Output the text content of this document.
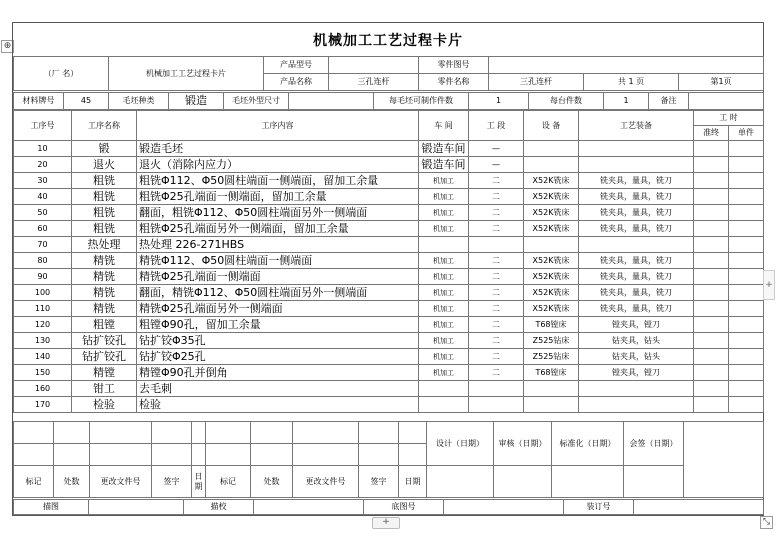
⊕	机械加工工艺过程卡片
（厂 名）	机械加工工艺过程卡片	产品型号		零件图号			
		产品名称	三孔连杆	零件名称	三孔连杆	共 1 页	第1页
材料牌号	45	毛坯种类	锻造	毛坯外型尺寸		每毛坯可制作件数	1	每台件数	1	备注	
工序号	工序名称	工序内容	车 间	工 段	设 备	工艺装备	工 时	
							准终	单件
10	锻	锻造毛坯	锻造车间	—				
20	退火	退火（消除内应力）	锻造车间	—				
30	粗铣	粗铣Φ112、Φ50圆柱端面一侧端面，留加工余量	机加工	二	X52K铣床	铣夹具，量具，铣刀		
40	粗铣	粗铣Φ25孔端面一侧端面，留加工余量	机加工	二	X52K铣床	铣夹具，量具，铣刀		
50	粗铣	翻面，粗铣Φ112、Φ50圆柱端面另外一侧端面	机加工	二	X52K铣床	铣夹具，量具，铣刀		
60	粗铣	粗铣Φ25孔端面另外一侧端面，留加工余量	机加工	二	X52K铣床	铣夹具，量具，铣刀		
70	热处理	热处理 226-271HBS						
80	精铣	精铣Φ112、Φ50圆柱端面一侧端面	机加工	二	X52K铣床	铣夹具，量具，铣刀		
90	精铣	精铣Φ25孔端面一侧端面	机加工	二	X52K铣床	铣夹具，量具，铣刀		
100	精铣	翻面，精铣Φ112、Φ50圆柱端面另外一侧端面	机加工	二	X52K铣床	铣夹具，量具，铣刀		
110	精铣	精铣Φ25孔端面另外一侧端面	机加工	二	X52K铣床	铣夹具，量具，铣刀		
120	粗镗	粗镗Φ90孔，留加工余量	机加工	二	T68镗床	镗夹具，镗刀		
130	钻扩铰孔	钻扩铰Φ35孔	机加工	二	Z525钻床	钻夹具，钻头		
140	钻扩铰孔	钻扩铰Φ25孔	机加工	二	Z525钻床	钻夹具，钻头		
150	精镗	精镗Φ90孔并倒角	机加工	二	T68镗床	镗夹具，镗刀		
160	钳工	去毛刺						
170	检验	检验						
										设计（日期）	审核（日期）	标准化（日期）	会签（日期）	

标记	处数	更改文件号	签字	日 期	标记	处数	更改文件号	签字	日期					
描图		描校		底图号		装订号	
+
+	⤡
